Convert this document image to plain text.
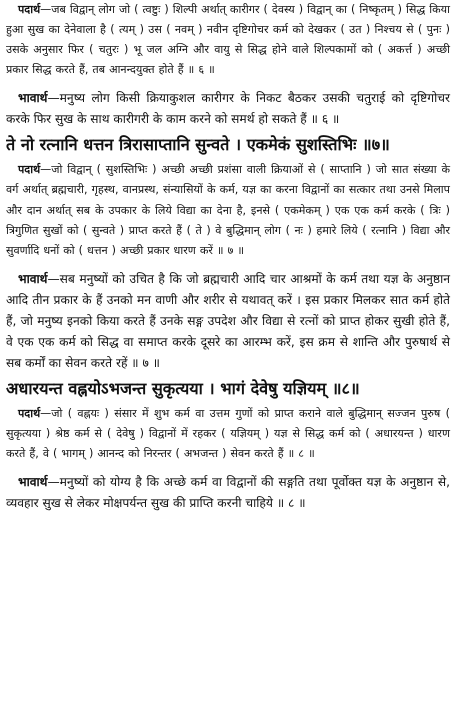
पदार्थ—जब विद्वान् लोग जो ( त्वष्टुः ) शिल्पी अर्थात् कारीगर ( देवस्य ) विद्वान् का ( निष्कृतम् ) सिद्ध किया हुआ सुख का देनेवाला है ( त्यम् ) उस ( नवम् ) नवीन दृष्टिगोचर कर्म को देखकर ( उत ) निश्चय से ( पुनः ) उसके अनुसार फिर ( चतुरः ) भू जल अग्नि और वायु से सिद्ध होने वाले शिल्पकामों को ( अकर्त्त ) अच्छी प्रकार सिद्ध करते हैं, तब आनन्दयुक्त होते हैं ॥ ६ ॥

भावार्थ—मनुष्य लोग किसी क्रियाकुशल कारीगर के निकट बैठकर उसकी चतुराई को दृष्टिगोचर करके फिर सुख के साथ कारीगरी के काम करने को समर्थ हो सकते हैं ॥ ६ ॥

ते नो रत्नानि धत्तन त्रिरासाप्तानि सुन्वते । एकमेकं सुशस्तिभिः ॥७॥

पदार्थ—जो विद्वान् ( सुशस्तिभिः ) अच्छी अच्छी प्रशंसा वाली क्रियाओं से ( साप्तानि ) जो सात संख्या के वर्ग अर्थात् ब्रह्मचारी, गृहस्थ, वानप्रस्थ, संन्यासियों के कर्म, यज्ञ का करना विद्वानों का सत्कार तथा उनसे मिलाप और दान अर्थात् सब के उपकार के लिये विद्या का देना है, इनसे ( एकमेकम् ) एक एक कर्म करके ( त्रिः ) त्रिगुणित सुखों को ( सुन्वते ) प्राप्त करते हैं ( ते ) वे बुद्धिमान् लोग ( नः ) हमारे लिये ( रत्नानि ) विद्या और सुवर्णादि धनों को ( धत्तन ) अच्छी प्रकार धारण करें ॥ ७ ॥

भावार्थ—सब मनुष्यों को उचित है कि जो ब्रह्मचारी आदि चार आश्रमों के कर्म तथा यज्ञ के अनुष्ठान आदि तीन प्रकार के हैं उनको मन वाणी और शरीर से यथावत् करें । इस प्रकार मिलकर सात कर्म होते हैं, जो मनुष्य इनको किया करते हैं उनके सङ्ग उपदेश और विद्या से रत्नों को प्राप्त होकर सुखी होते हैं, वे एक एक कर्म को सिद्ध वा समाप्त करके दूसरे का आरम्भ करें, इस क्रम से शान्ति और पुरुषार्थ से सब कर्मों का सेवन करते रहें ॥ ७ ॥

अधारयन्त वह्नयोऽभजन्त सुकृत्यया । भागं देवेषु यज्ञियम् ॥८॥

पदार्थ—जो ( वह्नयः ) संसार में शुभ कर्म वा उत्तम गुणों को प्राप्त कराने वाले बुद्धिमान् सज्जन पुरुष ( सुकृत्यया ) श्रेष्ठ कर्म से ( देवेषु ) विद्वानों में रहकर ( यज्ञियम् ) यज्ञ से सिद्ध कर्म को ( अधारयन्त ) धारण करते हैं, वे ( भागम् ) आनन्द को निरन्तर ( अभजन्त ) सेवन करते हैं ॥ ८ ॥

भावार्थ—मनुष्यों को योग्य है कि अच्छे कर्म वा विद्वानों की सङ्गति तथा पूर्वोक्त यज्ञ के अनुष्ठान से, व्यवहार सुख से लेकर मोक्षपर्यन्त सुख की प्राप्ति करनी चाहिये ॥ ८ ॥
